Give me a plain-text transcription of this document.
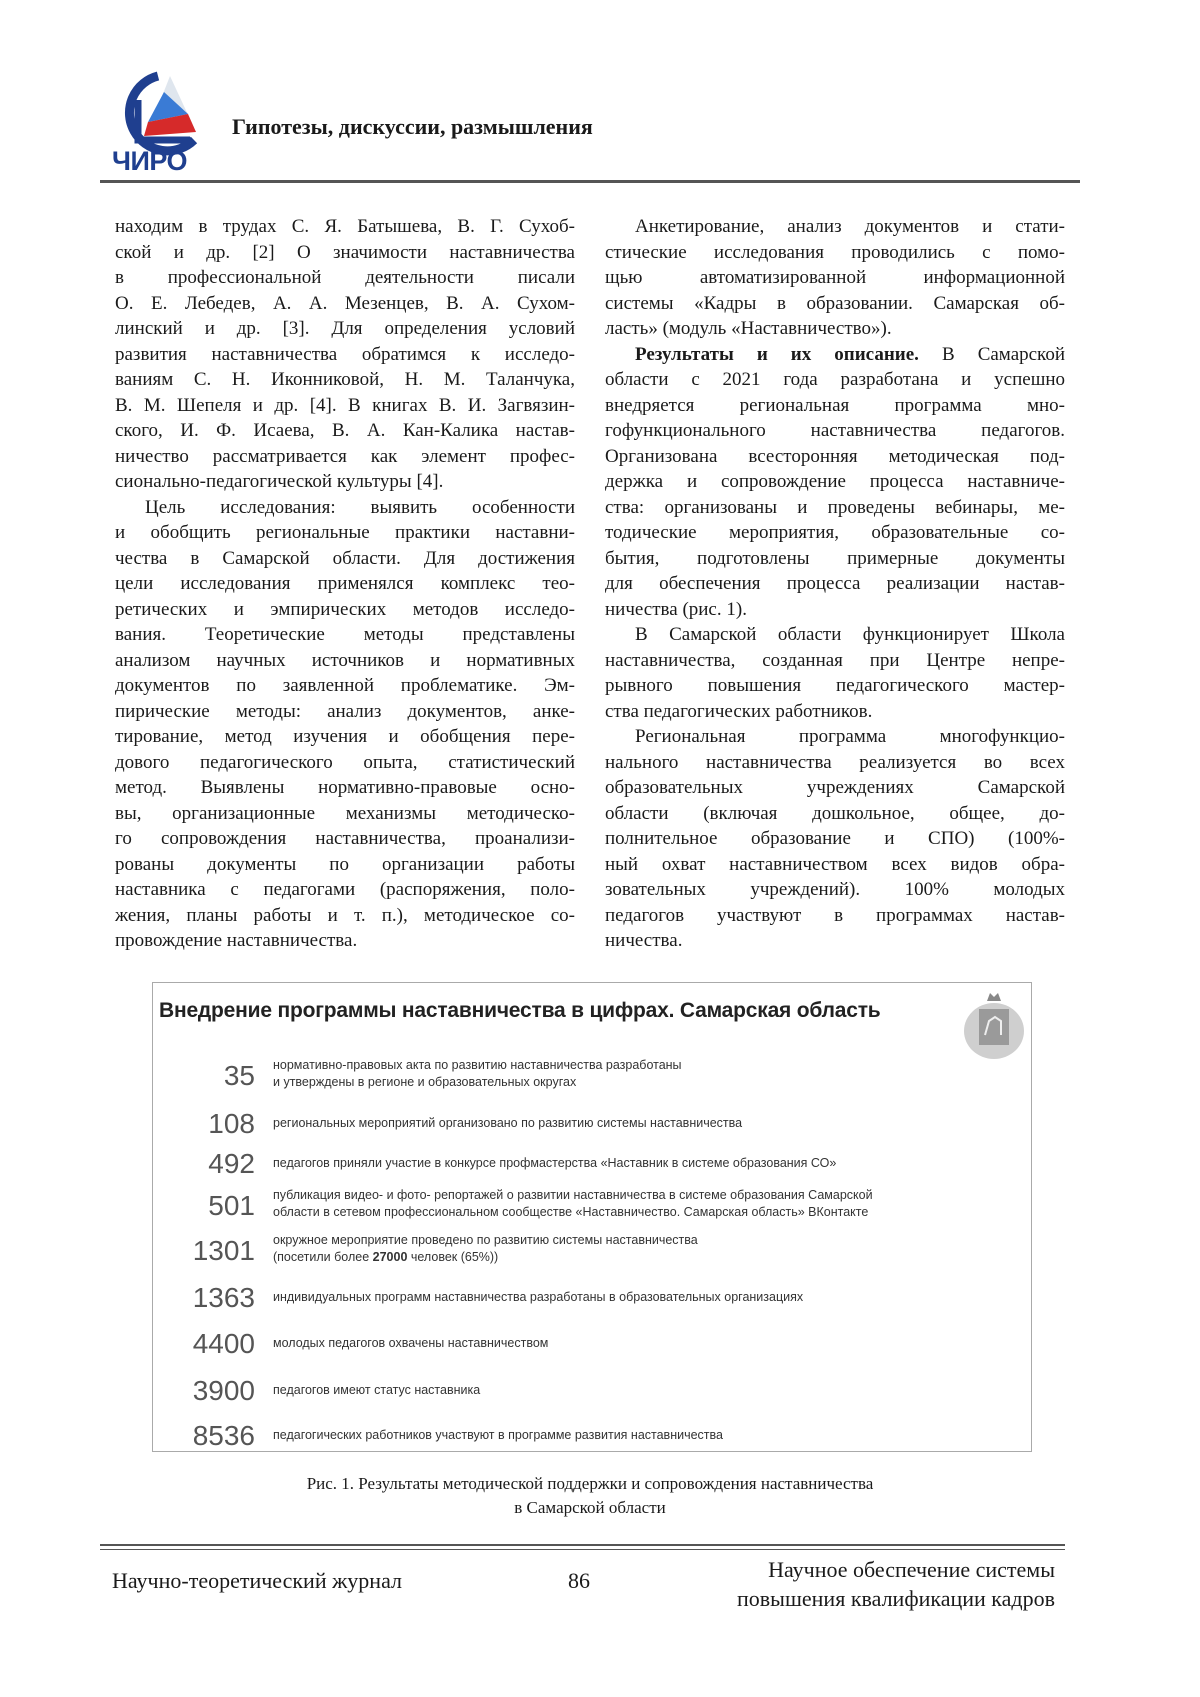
ЧИРО
Гипотезы, дискуссии, размышления
находим в трудах С. Я. Батышева, В. Г. Сухоб-
ской и др. [2] О значимости наставничества
в профессиональной деятельности писали
О. Е. Лебедев, А. А. Мезенцев, В. А. Сухом-
линский и др. [3]. Для определения условий
развития наставничества обратимся к исследо-
ваниям С. Н. Иконниковой, Н. М. Таланчука,
В. М. Шепеля и др. [4]. В книгах В. И. Загвязин-
ского, И. Ф. Исаева, В. А. Кан-Калика настав-
ничество рассматривается как элемент профес-
сионально-педагогической культуры [4].
Цель исследования: выявить особенности
и обобщить региональные практики наставни-
чества в Самарской области. Для достижения
цели исследования применялся комплекс тео-
ретических и эмпирических методов исследо-
вания. Теоретические методы представлены
анализом научных источников и нормативных
документов по заявленной проблематике. Эм-
пирические методы: анализ документов, анке-
тирование, метод изучения и обобщения пере-
дового педагогического опыта, статистический
метод. Выявлены нормативно-правовые осно-
вы, организационные механизмы методическо-
го сопровождения наставничества, проанализи-
рованы документы по организации работы
наставника с педагогами (распоряжения, поло-
жения, планы работы и т. п.), методическое со-
провождение наставничества.
Анкетирование, анализ документов и стати-
стические исследования проводились с помо-
щью автоматизированной информационной
системы «Кадры в образовании. Самарская об-
ласть» (модуль «Наставничество»).
Результаты и их описание. В Самарской
области с 2021 года разработана и успешно
внедряется региональная программа мно-
гофункционального наставничества педагогов.
Организована всесторонняя методическая под-
держка и сопровождение процесса наставниче-
ства: организованы и проведены вебинары, ме-
тодические мероприятия, образовательные со-
бытия, подготовлены примерные документы
для обеспечения процесса реализации настав-
ничества (рис. 1).
В Самарской области функционирует Школа
наставничества, созданная при Центре непре-
рывного повышения педагогического мастер-
ства педагогических работников.
Региональная программа многофункцио-
нального наставничества реализуется во всех
образовательных учреждениях Самарской
области (включая дошкольное, общее, до-
полнительное образование и СПО) (100%-
ный охват наставничеством всех видов обра-
зовательных учреждений). 100% молодых
педагогов участвуют в программах настав-
ничества.
Внедрение программы наставничества в цифрах. Самарская область
35 нормативно-правовых акта по развитию наставничества разработаны
и утверждены в регионе и образовательных округах
108 региональных мероприятий организовано по развитию системы наставничества
492 педагогов приняли участие в конкурсе профмастерства «Наставник в системе образования СО»
501 публикация видео- и фото- репортажей о развитии наставничества в системе образования Самарской
области в сетевом профессиональном сообществе «Наставничество. Самарская область» ВКонтакте
1301 окружное мероприятие проведено по развитию системы наставничества
(посетили более 27000 человек (65%))
1363 индивидуальных программ наставничества разработаны в образовательных организациях
4400 молодых педагогов охвачены наставничеством
3900 педагогов имеют статус наставника
8536 педагогических работников участвуют в программе развития наставничества
Рис. 1. Результаты методической поддержки и сопровождения наставничества
в Самарской области
Научно-теоретический журнал	86	Научное обеспечение системы
повышения квалификации кадров
